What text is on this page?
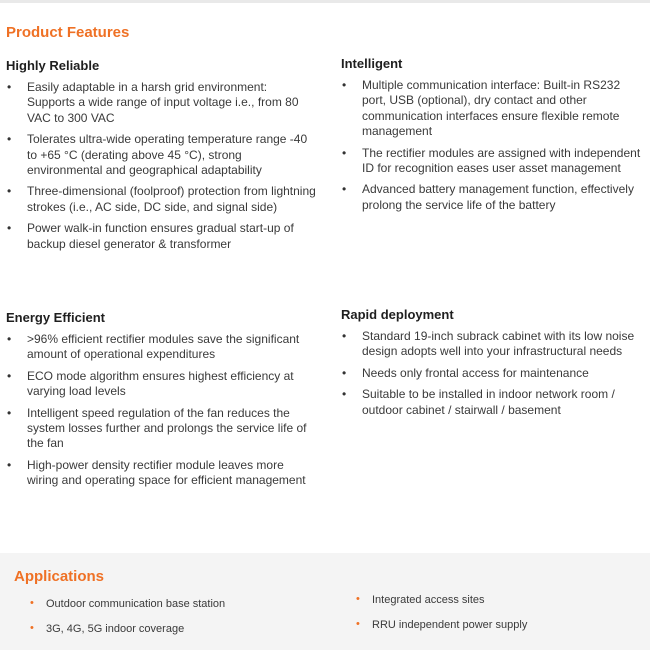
Product Features
Highly Reliable
• Easily adaptable in a harsh grid environment: Supports a wide range of input voltage i.e., from 80 VAC to 300 VAC
• Tolerates ultra-wide operating temperature range -40 to +65 °C (derating above 45 °C), strong environmental and geographical adaptability
• Three-dimensional (foolproof) protection from lightning strokes (i.e., AC side, DC side, and signal side)
• Power walk-in function ensures gradual start-up of backup diesel generator & transformer
Intelligent
• Multiple communication interface: Built-in RS232 port, USB (optional), dry contact and other communication interfaces ensure flexible remote management
• The rectifier modules are assigned with independent ID for recognition eases user asset management
• Advanced battery management function, effectively prolong the service life of the battery
Energy Efficient
• >96% efficient rectifier modules save the significant amount of operational expenditures
• ECO mode algorithm ensures highest efficiency at varying load levels
• Intelligent speed regulation of the fan reduces the system losses further and prolongs the service life of the fan
• High-power density rectifier module leaves more wiring and operating space for efficient management
Rapid deployment
• Standard 19-inch subrack cabinet with its low noise design adopts well into your infrastructural needs
• Needs only frontal access for maintenance
• Suitable to be installed in indoor network room / outdoor cabinet / stairwall / basement
Applications
• Outdoor communication base station
• 3G, 4G, 5G indoor coverage
• Integrated access sites
• RRU independent power supply
